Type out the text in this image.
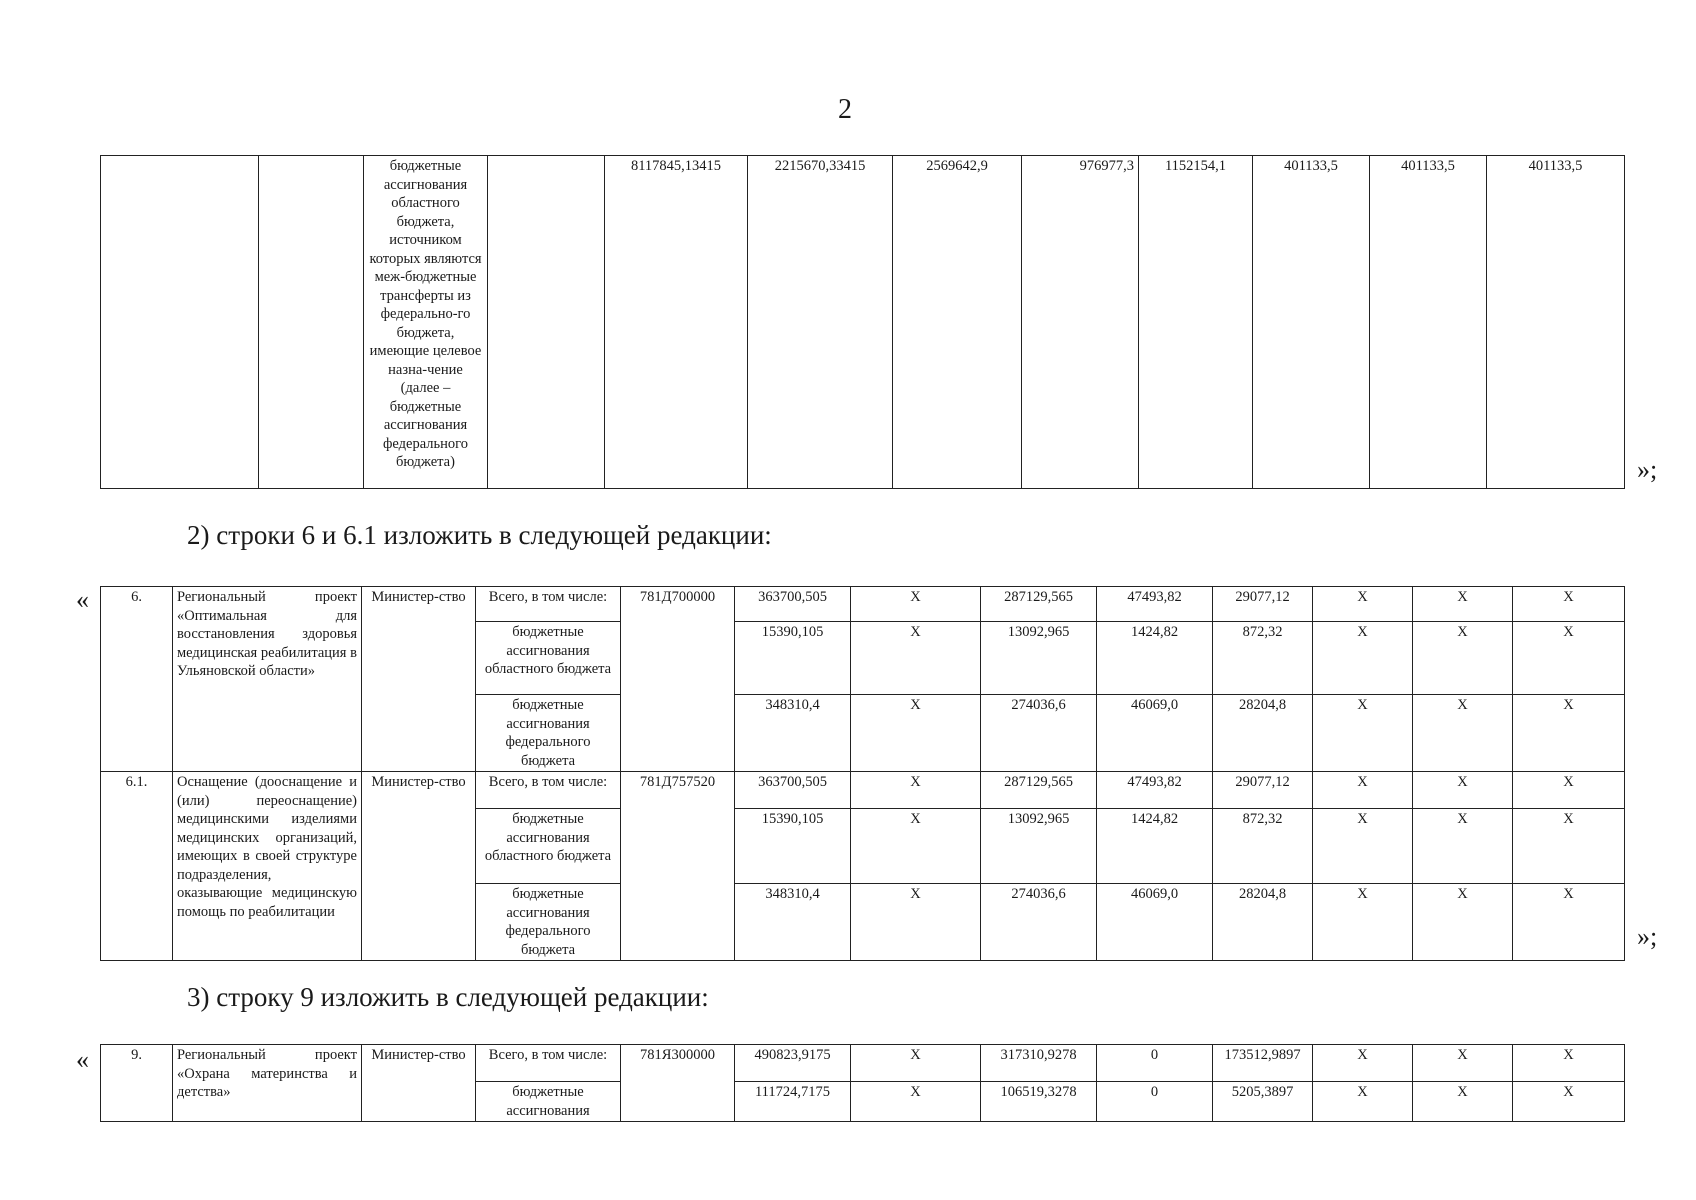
2
		бюджетные ассигнования областного бюджета, источником которых являются меж-бюджетные трансферты из федерально-го бюджета, имеющие целевое назна-чение (далее – бюджетные ассигнования федерального бюджета)		8117845,13415	2215670,33415	2569642,9	976977,3	1152154,1	401133,5	401133,5	401133,5
»;
2) строки 6 и 6.1 изложить в следующей редакции:
«	6.	Региональный проект «Оптимальная для восстановления здоровья медицинская реабилитация в Ульяновской области»	Министер-ство	Всего, в том числе:	781Д700000	363700,505	X	287129,565	47493,82	29077,12	X	X	X
			бюджетные ассигнования областного бюджета		15390,105	X	13092,965	1424,82	872,32	X	X	X
			бюджетные ассигнования федерального бюджета		348310,4	X	274036,6	46069,0	28204,8	X	X	X
6.1.	Оснащение (дооснащение и (или) переоснащение) медицинскими изделиями медицинских организаций, имеющих в своей структуре подразделения, оказывающие медицинскую помощь по реабилитации	Министер-ство	Всего, в том числе:	781Д757520	363700,505	X	287129,565	47493,82	29077,12	X	X	X
			бюджетные ассигнования областного бюджета		15390,105	X	13092,965	1424,82	872,32	X	X	X
			бюджетные ассигнования федерального бюджета		348310,4	X	274036,6	46069,0	28204,8	X	X	X
»;
3) строку 9 изложить в следующей редакции:
«	9.	Региональный проект «Охрана материнства и детства»	Министер-ство	Всего, в том числе:	781Я300000	490823,9175	X	317310,9278	0	173512,9897	X	X	X
			бюджетные ассигнования		111724,7175	X	106519,3278	0	5205,3897	X	X	X
